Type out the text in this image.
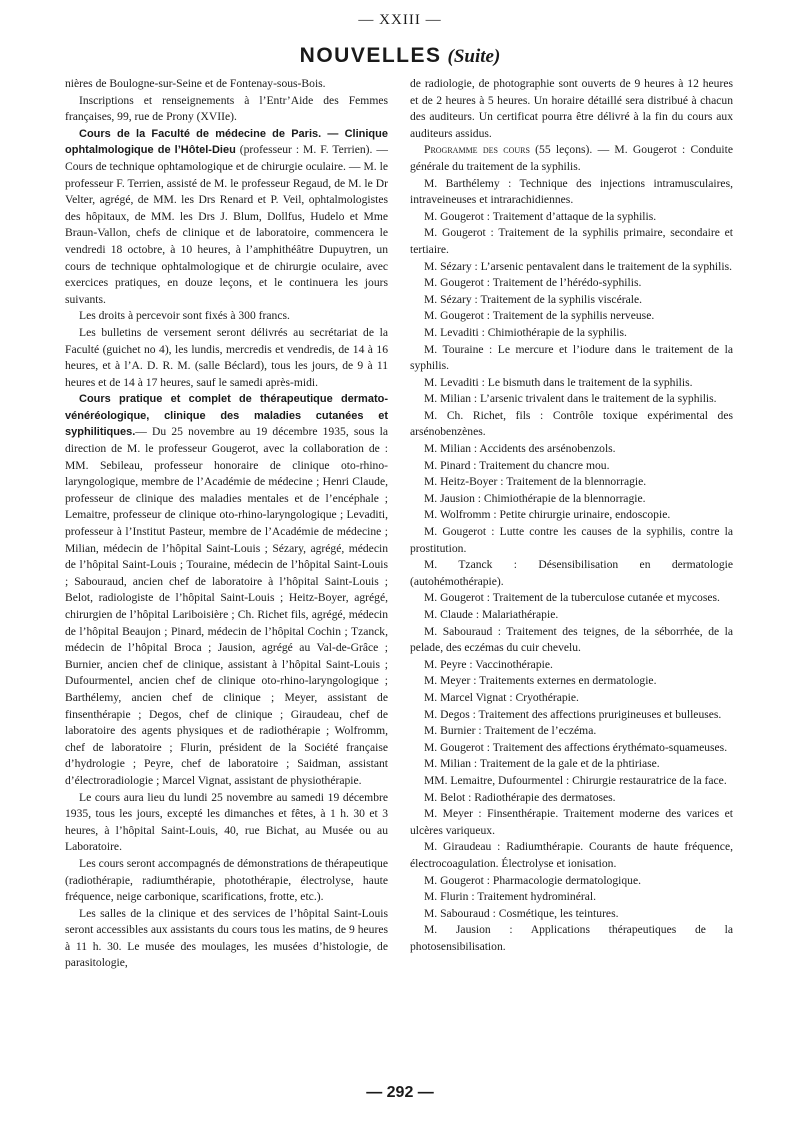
— XXIII —
NOUVELLES (Suite)

nières de Boulogne-sur-Seine et de Fontenay-sous-Bois.

Inscriptions et renseignements à l’Entr’Aide des Femmes françaises, 99, rue de Prony (XVIIe).

Cours de la Faculté de médecine de Paris. — Clinique ophtalmologique de l’Hôtel-Dieu (professeur : M. F. Terrien). — Cours de technique ophtamologique et de chirurgie oculaire. — M. le professeur F. Terrien, assisté de M. le professeur Regaud, de M. le Dr Velter, agrégé, de MM. les Drs Renard et P. Veil, ophtalmologistes des hôpitaux, de MM. les Drs J. Blum, Dollfus, Hudelo et Mme Braun-Vallon, chefs de clinique et de laboratoire, commencera le vendredi 18 octobre, à 10 heures, à l’amphithéâtre Dupuytren, un cours de technique ophtalmologique et de chirurgie oculaire, avec exercices pratiques, en douze leçons, et le continuera les jours suivants.

Les droits à percevoir sont fixés à 300 francs.

Les bulletins de versement seront délivrés au secrétariat de la Faculté (guichet no 4), les lundis, mercredis et vendredis, de 14 à 16 heures, et à l’A. D. R. M. (salle Béclard), tous les jours, de 9 à 11 heures et de 14 à 17 heures, sauf le samedi après-midi.

Cours pratique et complet de thérapeutique dermato-vénéréologique, clinique des maladies cutanées et syphilitiques.— Du 25 novembre au 19 décembre 1935, sous la direction de M. le professeur Gougerot, avec la collaboration de : MM. Sebileau, professeur honoraire de clinique oto-rhino-laryngologique, membre de l’Académie de médecine ; Henri Claude, professeur de clinique des maladies mentales et de l’encéphale ; Lemaitre, professeur de clinique oto-rhino-laryngologique ; Levaditi, professeur à l’Institut Pasteur, membre de l’Académie de médecine ; Milian, médecin de l’hôpital Saint-Louis ; Sézary, agrégé, médecin de l’hôpital Saint-Louis ; Touraine, médecin de l’hôpital Saint-Louis ; Sabouraud, ancien chef de laboratoire à l’hôpital Saint-Louis ; Belot, radiologiste de l’hôpital Saint-Louis ; Heitz-Boyer, agrégé, chirurgien de l’hôpital Lariboisière ; Ch. Richet fils, agrégé, médecin de l’hôpital Beaujon ; Pinard, médecin de l’hôpital Cochin ; Tzanck, médecin de l’hôpital Broca ; Jausion, agrégé au Val-de-Grâce ; Burnier, ancien chef de clinique, assistant à l’hôpital Saint-Louis ; Dufourmentel, ancien chef de clinique oto-rhino-laryngologique ; Barthélemy, ancien chef de clinique ; Meyer, assistant de finsenthérapie ; Degos, chef de clinique ; Giraudeau, chef de laboratoire des agents physiques et de radiothérapie ; Wolfromm, chef de laboratoire ; Flurin, président de la Société française d’hydrologie ; Peyre, chef de laboratoire ; Saidman, assistant d’électroradiologie ; Marcel Vignat, assistant de physiothérapie.

Le cours aura lieu du lundi 25 novembre au samedi 19 décembre 1935, tous les jours, excepté les dimanches et fêtes, à 1 h. 30 et 3 heures, à l’hôpital Saint-Louis, 40, rue Bichat, au Musée ou au Laboratoire.

Les cours seront accompagnés de démonstrations de thérapeutique (radiothérapie, radiumthérapie, photothérapie, électrolyse, haute fréquence, neige carbonique, scarifications, frotte, etc.).

Les salles de la clinique et des services de l’hôpital Saint-Louis seront accessibles aux assistants du cours tous les matins, de 9 heures à 11 h. 30. Le musée des moulages, les musées d’histologie, de parasitologie,

de radiologie, de photographie sont ouverts de 9 heures à 12 heures et de 2 heures à 5 heures. Un horaire détaillé sera distribué à chacun des auditeurs. Un certificat pourra être délivré à la fin du cours aux auditeurs assidus.

Programme des cours (55 leçons). — M. Gougerot : Conduite générale du traitement de la syphilis.

M. Barthélemy : Technique des injections intramusculaires, intraveineuses et intrarachidiennes.

M. Gougerot : Traitement d’attaque de la syphilis.

M. Gougerot : Traitement de la syphilis primaire, secondaire et tertiaire.

M. Sézary : L’arsenic pentavalent dans le traitement de la syphilis.

M. Gougerot : Traitement de l’hérédo-syphilis.

M. Sézary : Traitement de la syphilis viscérale.

M. Gougerot : Traitement de la syphilis nerveuse.

M. Levaditi : Chimiothérapie de la syphilis.

M. Touraine : Le mercure et l’iodure dans le traitement de la syphilis.

M. Levaditi : Le bismuth dans le traitement de la syphilis.

M. Milian : L’arsenic trivalent dans le traitement de la syphilis.

M. Ch. Richet, fils : Contrôle toxique expérimental des arsénobenzènes.

M. Milian : Accidents des arsénobenzols.

M. Pinard : Traitement du chancre mou.

M. Heitz-Boyer : Traitement de la blennorragie.

M. Jausion : Chimiothérapie de la blennorragie.

M. Wolfromm : Petite chirurgie urinaire, endoscopie.

M. Gougerot : Lutte contre les causes de la syphilis, contre la prostitution.

M. Tzanck : Désensibilisation en dermatologie (autohémothérapie).

M. Gougerot : Traitement de la tuberculose cutanée et mycoses.

M. Claude : Malariathérapie.

M. Sabouraud : Traitement des teignes, de la séborrhée, de la pelade, des eczémas du cuir chevelu.

M. Peyre : Vaccinothérapie.

M. Meyer : Traitements externes en dermatologie.

M. Marcel Vignat : Cryothérapie.

M. Degos : Traitement des affections prurigineuses et bulleuses.

M. Burnier : Traitement de l’eczéma.

M. Gougerot : Traitement des affections érythémato-squameuses.

M. Milian : Traitement de la gale et de la phtiriase.

MM. Lemaitre, Dufourmentel : Chirurgie restauratrice de la face.

M. Belot : Radiothérapie des dermatoses.

M. Meyer : Finsenthérapie. Traitement moderne des varices et ulcères variqueux.

M. Giraudeau : Radiumthérapie. Courants de haute fréquence, électrocoagulation. Électrolyse et ionisation.

M. Gougerot : Pharmacologie dermatologique.

M. Flurin : Traitement hydrominéral.

M. Sabouraud : Cosmétique, les teintures.

M. Jausion : Applications thérapeutiques de la photosensibilisation.

— 292 —
